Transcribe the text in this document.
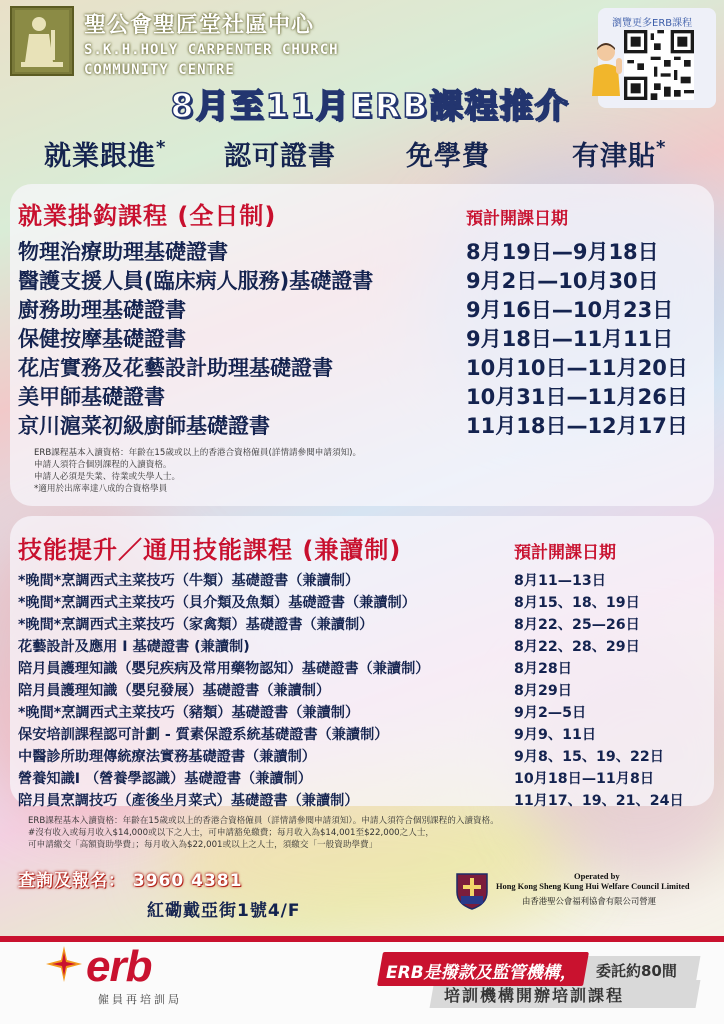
聖公會聖匠堂社區中心
S.K.H.HOLY CARPENTER CHURCH
COMMUNITY CENTRE
瀏覽更多ERB課程
8月至11月ERB課程推介
就業跟進* 認可證書	免學費	有津貼*
就業掛鈎課程 (全日制)	預計開課日期
物理治療助理基礎證書	8月19日—9月18日
醫護支援人員(臨床病人服務)基礎證書	9月2日—10月30日
廚務助理基礎證書	9月16日—10月23日
保健按摩基礎證書	9月18日—11月11日
花店實務及花藝設計助理基礎證書	10月10日—11月20日
美甲師基礎證書	10月31日—11月26日
京川滬菜初級廚師基礎證書	11月18日—12月17日
ERB課程基本入讀資格：年齡在15歲或以上的香港合資格僱員(詳情請參閱申請須知)。
申請人須符合個別課程的入讀資格。
申請人必須是失業、待業或失學人士。
*適用於出席率達八成的合資格學員
技能提升／通用技能課程 (兼讀制)	預計開課日期
*晚間*烹調西式主菜技巧（牛類）基礎證書（兼讀制）	8月11—13日
*晚間*烹調西式主菜技巧（貝介類及魚類）基礎證書（兼讀制）	8月15、18、19日
*晚間*烹調西式主菜技巧（家禽類）基礎證書（兼讀制）	8月22、25—26日
花藝設計及應用 I 基礎證書 (兼讀制)	8月22、28、29日
陪月員護理知識（嬰兒疾病及常用藥物認知）基礎證書（兼讀制）	8月28日
陪月員護理知識（嬰兒發展）基礎證書（兼讀制）	8月29日
*晚間*烹調西式主菜技巧（豬類）基礎證書（兼讀制）	9月2—5日
保安培訓課程認可計劃 - 質素保證系統基礎證書（兼讀制）	9月9、11日
中醫診所助理傳統療法實務基礎證書（兼讀制）	9月8、15、19、22日
營養知識I （營養學認識）基礎證書（兼讀制）	10月18日—11月8日
陪月員烹調技巧（產後坐月菜式）基礎證書（兼讀制）	11月17、19、21、24日
ERB課程基本入讀資格：年齡在15歲或以上的香港合資格僱員（詳情請參閱申請須知）。申請人須符合個別課程的入讀資格。
#沒有收入或每月收入$14,000或以下之人士，可申請豁免繳費；每月收入為$14,001至$22,000之人士，
可申請繳交「高額資助學費」；每月收入為$22,001或以上之人士，須繳交「一般資助學費」
查詢及報名： 3960 4381
紅磡戴亞街1號4/F
Operated by
Hong Kong Sheng Kung Hui Welfare Council Limited
由香港聖公會福利協會有限公司營運
erb
僱員再培訓局
委託約80間
培訓機構開辦培訓課程
ERB是撥款及監管機構，
